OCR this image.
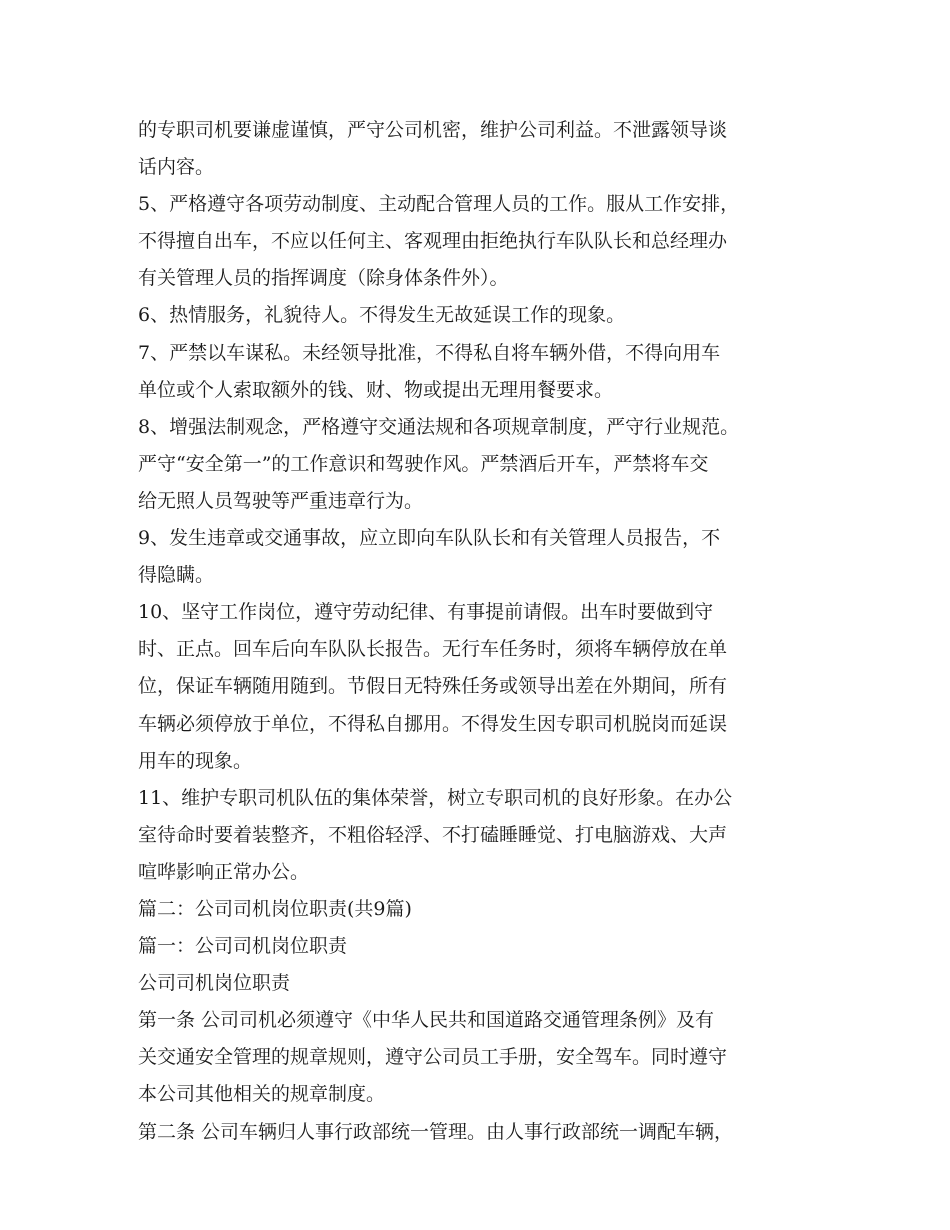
的专职司机要谦虚谨慎，严守公司机密，维护公司利益。不泄露领导谈
话内容。
5、严格遵守各项劳动制度、主动配合管理人员的工作。服从工作安排，
不得擅自出车，不应以任何主、客观理由拒绝执行车队队长和总经理办
有关管理人员的指挥调度（除身体条件外）。
6、热情服务，礼貌待人。不得发生无故延误工作的现象。
7、严禁以车谋私。未经领导批准，不得私自将车辆外借，不得向用车
单位或个人索取额外的钱、财、物或提出无理用餐要求。
8、增强法制观念，严格遵守交通法规和各项规章制度，严守行业规范。
严守“安全第一”的工作意识和驾驶作风。严禁酒后开车，严禁将车交
给无照人员驾驶等严重违章行为。
9、发生违章或交通事故，应立即向车队队长和有关管理人员报告，不
得隐瞒。
10、坚守工作岗位，遵守劳动纪律、有事提前请假。出车时要做到守
时、正点。回车后向车队队长报告。无行车任务时，须将车辆停放在单
位，保证车辆随用随到。节假日无特殊任务或领导出差在外期间，所有
车辆必须停放于单位，不得私自挪用。不得发生因专职司机脱岗而延误
用车的现象。
11、维护专职司机队伍的集体荣誉，树立专职司机的良好形象。在办公
室待命时要着装整齐，不粗俗轻浮、不打磕睡睡觉、打电脑游戏、大声
喧哗影响正常办公。
篇二：公司司机岗位职责(共9篇)
篇一：公司司机岗位职责
公司司机岗位职责
第一条 公司司机必须遵守《中华人民共和国道路交通管理条例》及有
关交通安全管理的规章规则，遵守公司员工手册，安全驾车。同时遵守
本公司其他相关的规章制度。
第二条 公司车辆归人事行政部统一管理。由人事行政部统一调配车辆，
